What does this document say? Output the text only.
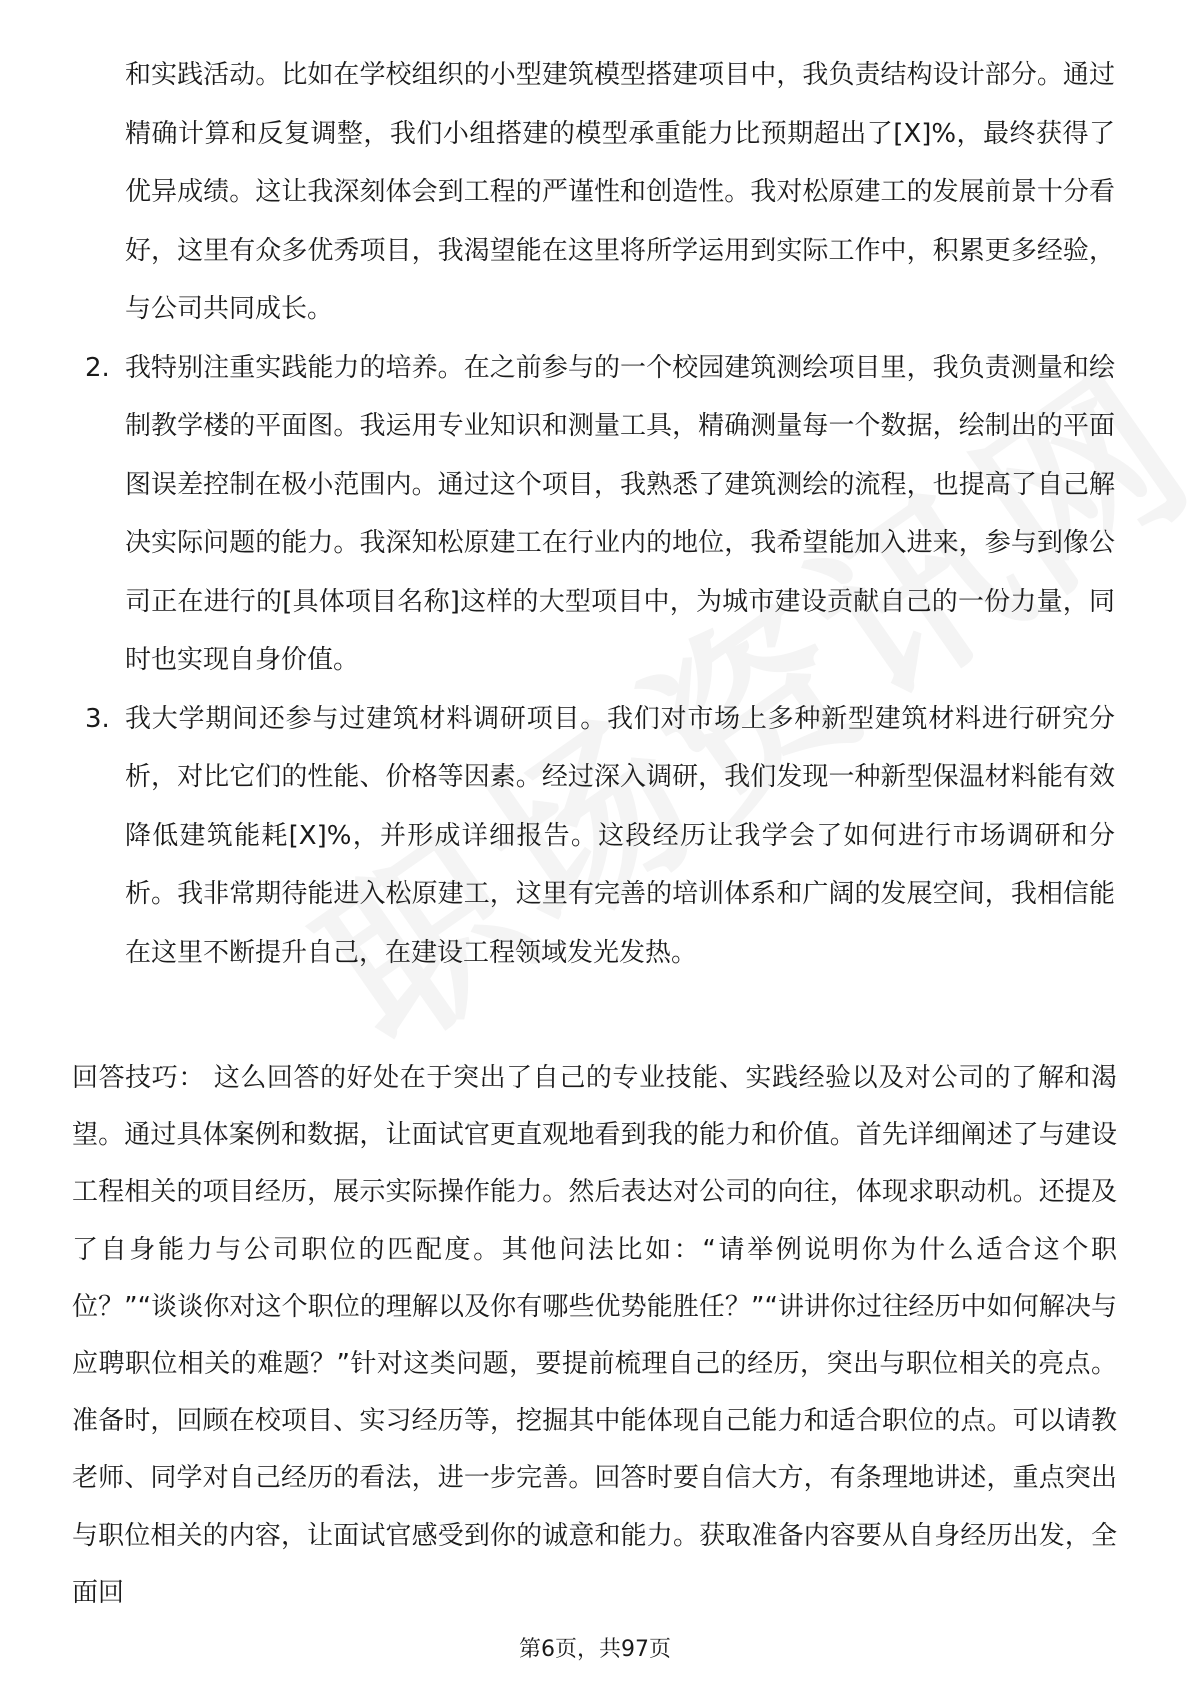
和实践活动。比如在学校组织的小型建筑模型搭建项目中，我负责结构设计部分。通过精确计算和反复调整，我们小组搭建的模型承重能力比预期超出了[X]%，最终获得了优异成绩。这让我深刻体会到工程的严谨性和创造性。我对松原建工的发展前景十分看好，这里有众多优秀项目，我渴望能在这里将所学运用到实际工作中，积累更多经验，与公司共同成长。

2. 我特别注重实践能力的培养。在之前参与的一个校园建筑测绘项目里，我负责测量和绘制教学楼的平面图。我运用专业知识和测量工具，精确测量每一个数据，绘制出的平面图误差控制在极小范围内。通过这个项目，我熟悉了建筑测绘的流程，也提高了自己解决实际问题的能力。我深知松原建工在行业内的地位，我希望能加入进来，参与到像公司正在进行的[具体项目名称]这样的大型项目中，为城市建设贡献自己的一份力量，同时也实现自身价值。

3. 我大学期间还参与过建筑材料调研项目。我们对市场上多种新型建筑材料进行研究分析，对比它们的性能、价格等因素。经过深入调研，我们发现一种新型保温材料能有效降低建筑能耗[X]%，并形成详细报告。这段经历让我学会了如何进行市场调研和分析。我非常期待能进入松原建工，这里有完善的培训体系和广阔的发展空间，我相信能在这里不断提升自己，在建设工程领域发光发热。

回答技巧： 这么回答的好处在于突出了自己的专业技能、实践经验以及对公司的了解和渴望。通过具体案例和数据，让面试官更直观地看到我的能力和价值。首先详细阐述了与建设工程相关的项目经历，展示实际操作能力。然后表达对公司的向往，体现求职动机。还提及了自身能力与公司职位的匹配度。其他问法比如：“请举例说明你为什么适合这个职位？”“谈谈你对这个职位的理解以及你有哪些优势能胜任？”“讲讲你过往经历中如何解决与应聘职位相关的难题？”针对这类问题，要提前梳理自己的经历，突出与职位相关的亮点。准备时，回顾在校项目、实习经历等，挖掘其中能体现自己能力和适合职位的点。可以请教老师、同学对自己经历的看法，进一步完善。回答时要自信大方，有条理地讲述，重点突出与职位相关的内容，让面试官感受到你的诚意和能力。获取准备内容要从自身经历出发，全面回

第6页，共97页
